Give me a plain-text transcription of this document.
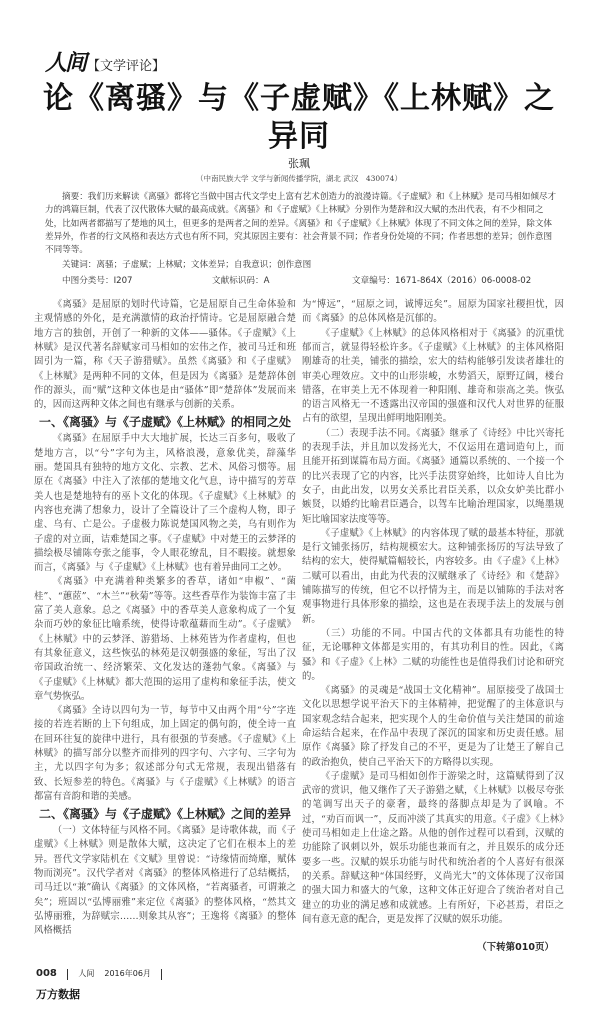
人间 【文学评论】
论《离骚》与《子虚赋》《上林赋》之异同
张珮
（中南民族大学 文学与新闻传播学院，湖北 武汉　430074）
摘要：我们历来解读《离骚》都将它当做中国古代文学史上富有艺术创造力的浪漫诗篇。《子虚赋》和《上林赋》是司马相如倾尽才力的鸿篇巨制，代表了汉代散体大赋的最高成就。《离骚》和《子虚赋》《上林赋》分别作为楚辞和汉大赋的杰出代表，有不少相同之处，比如两者都描写了楚地的风土，但更多的是两者之间的差异。《离骚》和《子虚赋》《上林赋》体现了不同文体之间的差异，除文体差异外，作者的行文风格和表达方式也有所不同，究其原因主要有：社会背景不同；作者身份处境的不同；作者思想的差异；创作意图不同等等。
关键词：离骚；子虚赋；上林赋；文体差异；自我意识；创作意图
中图分类号：I207	文献标识码：A	文章编号：1671-864X（2016）06-0008-02

《离骚》是屈原的划时代诗篇，它是屈原自己生命体验和主观情感的外化，是充满激情的政治抒情诗。它是屈原融合楚地方言的独创，开创了一种新的文体——骚体。《子虚赋》《上林赋》是汉代著名辞赋家司马相如的宏伟之作，被司马迁和班固引为一篇，称《天子游猎赋》。虽然《离骚》和《子虚赋》《上林赋》是两种不同的文体，但是因为《离骚》是楚辞体创作的源头，而“赋”这种文体也是由“骚体”即“楚辞体”发展而来的，因而这两种文体之间也有继承与创新的关系。

一、《离骚》与《子虚赋》《上林赋》的相同之处

《离骚》在屈原手中大大地扩展，长达三百多句，吸收了楚地方言，以“兮”字句为主，风格浪漫，意象优美，辞藻华丽。楚国具有独特的地方文化、宗教、艺术、风俗习惯等。屈原在《离骚》中注入了浓郁的楚地文化气息，诗中描写的芳草美人也是楚地特有的巫卜文化的体现。《子虚赋》《上林赋》的内容也充满了想象力，设计了全篇设计了三个虚构人物，即子虚、乌有、亡是公。子虚极力陈说楚国风物之美，乌有则作为子虚的对立面，诘难楚国之事。《子虚赋》中对楚王的云梦泽的描绘极尽铺陈夸张之能事，令人眼花缭乱，目不暇接。就想象而言，《离骚》与《子虚赋》《上林赋》也有着异曲同工之妙。

《离骚》中充满着种类繁多的香草，诸如“申椒”、“菌桂”、“蕙茝”、“木兰”“秋菊”等等。这些香草作为装饰丰富了丰富了美人意象。总之《离骚》中的香草美人意象构成了一个复杂而巧妙的象征比喻系统，使得诗歌蕴藉而生动”。《子虚赋》《上林赋》中的云梦泽、游猎场、上林苑皆为作者虚构，但也有其象征意义，这些恢弘的林苑是汉朝强盛的象征，写出了汉帝国政治统一、经济繁荣、文化发达的蓬勃气象。《离骚》与《子虚赋》《上林赋》都大范围的运用了虚构和象征手法，使文章气势恢弘。

《离骚》全诗以四句为一节，每节中又由两个用“兮”字连接的若连若断的上下句组成，加上固定的偶句韵，使全诗一直在回环往复的旋律中进行，具有很强的节奏感。《子虚赋》《上林赋》的描写部分以整齐而排列的四字句、六字句、三字句为主，尤以四字句为多；叙述部分句式无常规，表现出错落有致、长短参差的特色。《离骚》与《子虚赋》《上林赋》的语言都富有音韵和谐的美感。

二、《离骚》与《子虚赋》《上林赋》之间的差异

（一）文体特征与风格不同。《离骚》是诗歌体裁，而《子虚赋》《上林赋》则是散体大赋，这决定了它们在根本上的差异。晋代文学家陆机在《文赋》里曾说：“诗缘情而绮靡，赋体物而浏亮”。汉代学者对《离骚》的整体风格进行了总结概括，司马迁以“兼”确认《离骚》的文体风格，“若离骚者，可谓兼之矣”；班固以“弘博丽雅”来定位《离骚》的整体风格，“然其文弘博丽雅，为辞赋宗……则象其从容”；王逸将《离骚》的整体风格概括

为“博远”，“屈原之词，诚博远矣”。屈原为国家社稷担忧，因而《离骚》的总体风格是沉郁的。

《子虚赋》《上林赋》的总体风格相对于《离骚》的沉重忧郁而言，就显得轻松许多。《子虚赋》《上林赋》的主体风格阳刚雄奇的壮美，铺张的描绘，宏大的结构能够引发读者雄壮的审美心理效应。文中的山形崇峻，水势滔天，原野辽阔，楼台错落，在审美上无不体现着一种阳刚、雄奇和崇高之美。恢弘的语言风格无一不透露出汉帝国的强盛和汉代人对世界的征服占有的欲望，呈现出鲜明地阳刚美。

（二）表现手法不同。《离骚》继承了《诗经》中比兴寄托的表现手法，并且加以发扬光大，不仅运用在遣词造句上，而且能开拓到谋篇布局方面。《离骚》通篇以系统的、一个接一个的比兴表现了它的内容，比兴手法贯穿始终，比如诗人自比为女子，由此出发，以男女关系比君臣关系，以众女妒美比群小嫉贤，以婚约比喻君臣遇合，以驾车比喻治理国家，以绳墨规矩比喻国家法度等等。

《子虚赋》《上林赋》的内容体现了赋的最基本特征，那就是行文铺张扬厉，结构规模宏大。这种铺张扬厉的写法导致了结构的宏大，使得赋篇幅较长，内容较多。由《子虚》《上林》二赋可以看出，由此为代表的汉赋继承了《诗经》和《楚辞》铺陈描写的传统，但它不以抒情为主，而是以铺陈的手法对客观事物进行具体形象的描绘，这也是在表现手法上的发展与创新。

（三）功能的不同。中国古代的文体都具有功能性的特征，无论哪种文体都是实用的，有其功利目的性。因此，《离骚》和《子虚》《上林》二赋的功能性也是值得我们讨论和研究的。

《离骚》的灵魂是“战国士文化精神”。屈原接受了战国士文化以思想学说平治天下的主体精神，把觉醒了的主体意识与国家观念结合起来，把实现个人的生命价值与关注楚国的前途命运结合起来，在作品中表现了深沉的国家和历史责任感。屈原作《离骚》除了抒发自己的不平，更是为了让楚王了解自己的政治抱负，使自己平治天下的方略得以实现。

《子虚赋》是司马相如创作于游梁之时，这篇赋得到了汉武帝的赏识，他又继作了天子游猎之赋，《上林赋》以极尽夸张的笔调写出天子的豪奢，最终的落脚点却是为了讽喻。不过，“劝百而讽一”，反而冲淡了其真实的用意。《子虚》《上林》使司马相如走上仕途之路。从他的创作过程可以看到，汉赋的功能除了讽刺以外，娱乐功能也兼而有之，并且娱乐的成分还要多一些。汉赋的娱乐功能与时代和统治者的个人喜好有很深的关系。辞赋这种“体国经野，义尚光大”的文体体现了汉帝国的强大国力和盛大的气象，这种文体正好迎合了统治者对自己建立的功业的满足感和成就感。上有所好，下必甚焉，君臣之间有意无意的配合，更是发挥了汉赋的娱乐功能。

（下转第010页）
008	人间 2016年06月
万方数据
